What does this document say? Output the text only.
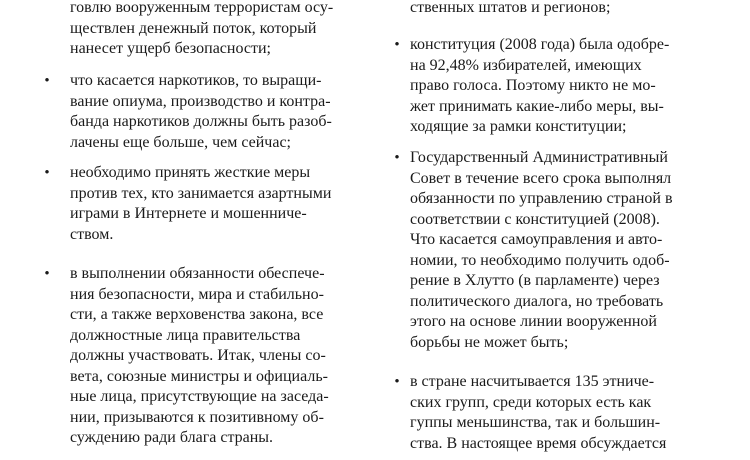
говлю вооруженным террористам осу-
ществлен денежный поток, который
нанесет ущерб безопасности;
•	что касается наркотиков, то выращи-
вание опиума, производство и контра-
банда наркотиков должны быть разоб-
лачены еще больше, чем сейчас;
•	необходимо принять жесткие меры
против тех, кто занимается азартными
играми в Интернете и мошенниче-
ством.
•	в выполнении обязанности обеспече-
ния безопасности, мира и стабильно-
сти, а также верховенства закона, все
должностные лица правительства
должны участвовать. Итак, члены со-
вета, союзные министры и официаль-
ные лица, присутствующие на заседа-
нии, призываются к позитивному об-
суждению ради блага страны.
ственных штатов и регионов;
• конституция (2008 года) была одобре-
на 92,48% избирателей, имеющих
право голоса. Поэтому никто не мо-
жет принимать какие-либо меры, вы-
ходящие за рамки конституции;
• Государственный Административный
Совет в течение всего срока выполнял
обязанности по управлению страной в
соответствии с конституцией (2008).
Что касается самоуправления и авто-
номии, то необходимо получить одоб-
рение в Хлутто (в парламенте) через
политического диалога, но требовать
этого на основе линии вооруженной
борьбы не может быть;
• в стране насчитывается 135 этниче-
ских групп, среди которых есть как
гуппы меньшинства, так и большин-
ства. В настоящее время обсуждается
